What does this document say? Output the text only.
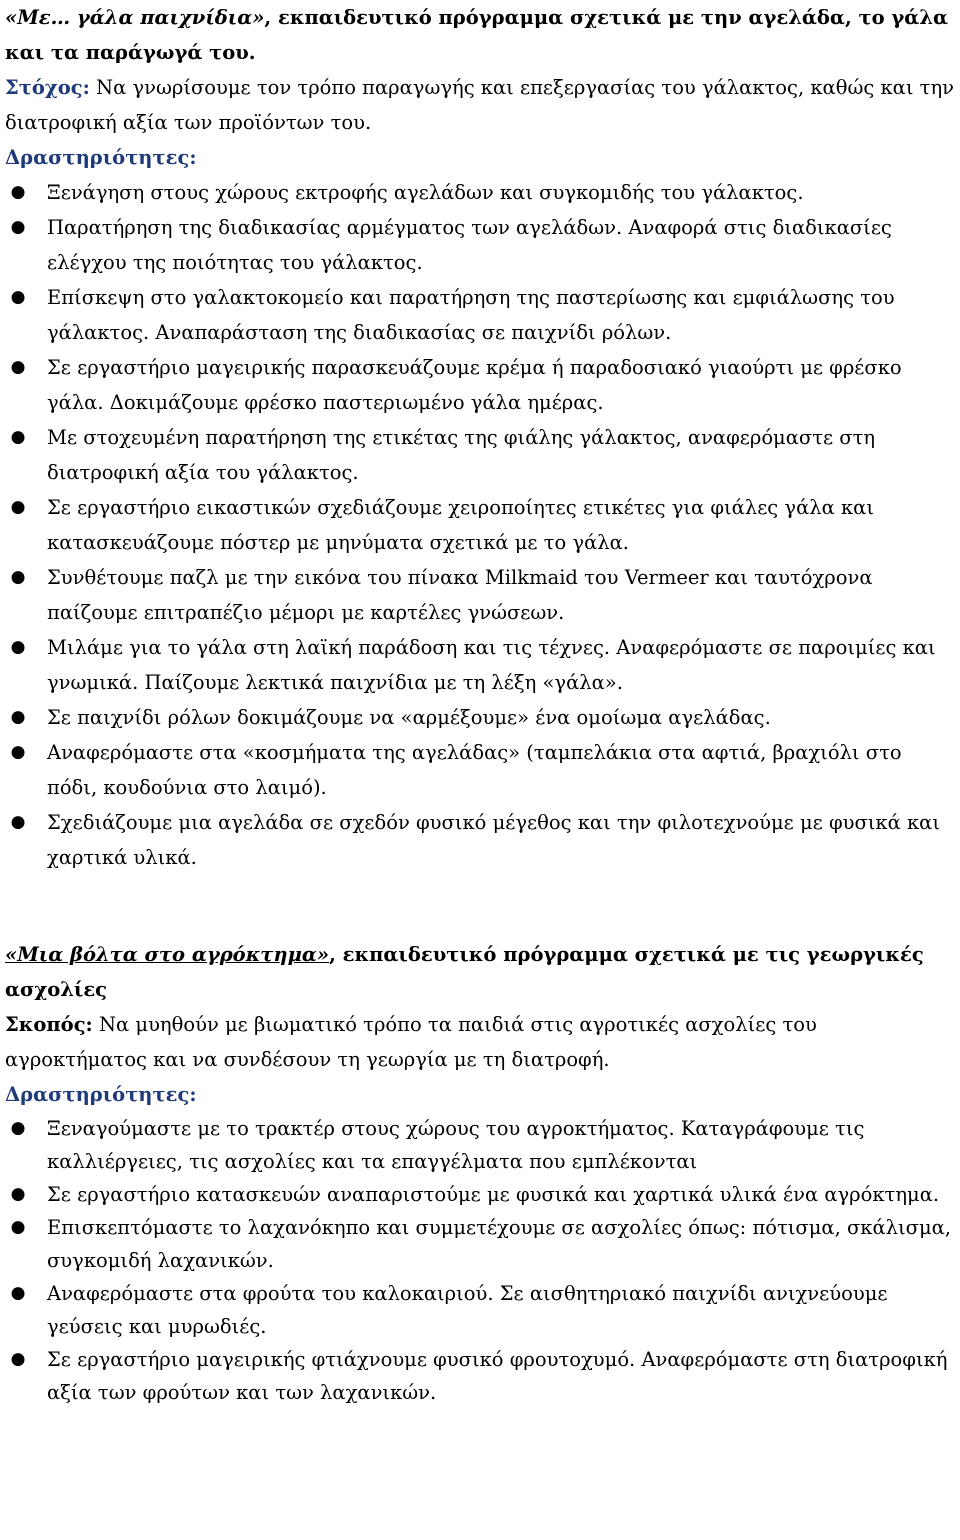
«Με… γάλα παιχνίδια», εκπαιδευτικό πρόγραμμα σχετικά με την αγελάδα, το γάλα και τα παράγωγά του.

Στόχος: Να γνωρίσουμε τον τρόπο παραγωγής και επεξεργασίας του γάλακτος, καθώς και την διατροφική αξία των προϊόντων του.

Δραστηριότητες:

● Ξενάγηση στους χώρους εκτροφής αγελάδων και συγκομιδής του γάλακτος.
● Παρατήρηση της διαδικασίας αρμέγματος των αγελάδων. Αναφορά στις διαδικασίες ελέγχου της ποιότητας του γάλακτος.
● Επίσκεψη στο γαλακτοκομείο και παρατήρηση της παστερίωσης και εμφιάλωσης του γάλακτος. Αναπαράσταση της διαδικασίας σε παιχνίδι ρόλων.
● Σε εργαστήριο μαγειρικής παρασκευάζουμε κρέμα ή παραδοσιακό γιαούρτι με φρέσκο γάλα. Δοκιμάζουμε φρέσκο παστεριωμένο γάλα ημέρας.
● Με στοχευμένη παρατήρηση της ετικέτας της φιάλης γάλακτος, αναφερόμαστε στη διατροφική αξία του γάλακτος.
● Σε εργαστήριο εικαστικών σχεδιάζουμε χειροποίητες ετικέτες για φιάλες γάλα και κατασκευάζουμε πόστερ με μηνύματα σχετικά με το γάλα.
● Συνθέτουμε παζλ με την εικόνα του πίνακα Milkmaid του Vermeer και ταυτόχρονα παίζουμε επιτραπέζιο μέμορι με καρτέλες γνώσεων.
● Μιλάμε για το γάλα στη λαϊκή παράδοση και τις τέχνες. Αναφερόμαστε σε παροιμίες και γνωμικά. Παίζουμε λεκτικά παιχνίδια με τη λέξη «γάλα».
● Σε παιχνίδι ρόλων δοκιμάζουμε να «αρμέξουμε» ένα ομοίωμα αγελάδας.
● Αναφερόμαστε στα «κοσμήματα της αγελάδας» (ταμπελάκια στα αφτιά, βραχιόλι στο πόδι, κουδούνια στο λαιμό).
● Σχεδιάζουμε μια αγελάδα σε σχεδόν φυσικό μέγεθος και την φιλοτεχνούμε με φυσικά και χαρτικά υλικά.

«Μια βόλτα στο αγρόκτημα», εκπαιδευτικό πρόγραμμα σχετικά με τις γεωργικές ασχολίες

Σκοπός: Να μυηθούν με βιωματικό τρόπο τα παιδιά στις αγροτικές ασχολίες του αγροκτήματος και να συνδέσουν τη γεωργία με τη διατροφή.

Δραστηριότητες:

● Ξεναγούμαστε με το τρακτέρ στους χώρους του αγροκτήματος. Καταγράφουμε τις καλλιέργειες, τις ασχολίες και τα επαγγέλματα που εμπλέκονται
● Σε εργαστήριο κατασκευών αναπαριστούμε με φυσικά και χαρτικά υλικά ένα αγρόκτημα.
● Επισκεπτόμαστε το λαχανόκηπο και συμμετέχουμε σε ασχολίες όπως: πότισμα, σκάλισμα, συγκομιδή λαχανικών.
● Αναφερόμαστε στα φρούτα του καλοκαιριού. Σε αισθητηριακό παιχνίδι ανιχνεύουμε γεύσεις και μυρωδιές.
● Σε εργαστήριο μαγειρικής φτιάχνουμε φυσικό φρουτοχυμό. Αναφερόμαστε στη διατροφική αξία των φρούτων και των λαχανικών.
